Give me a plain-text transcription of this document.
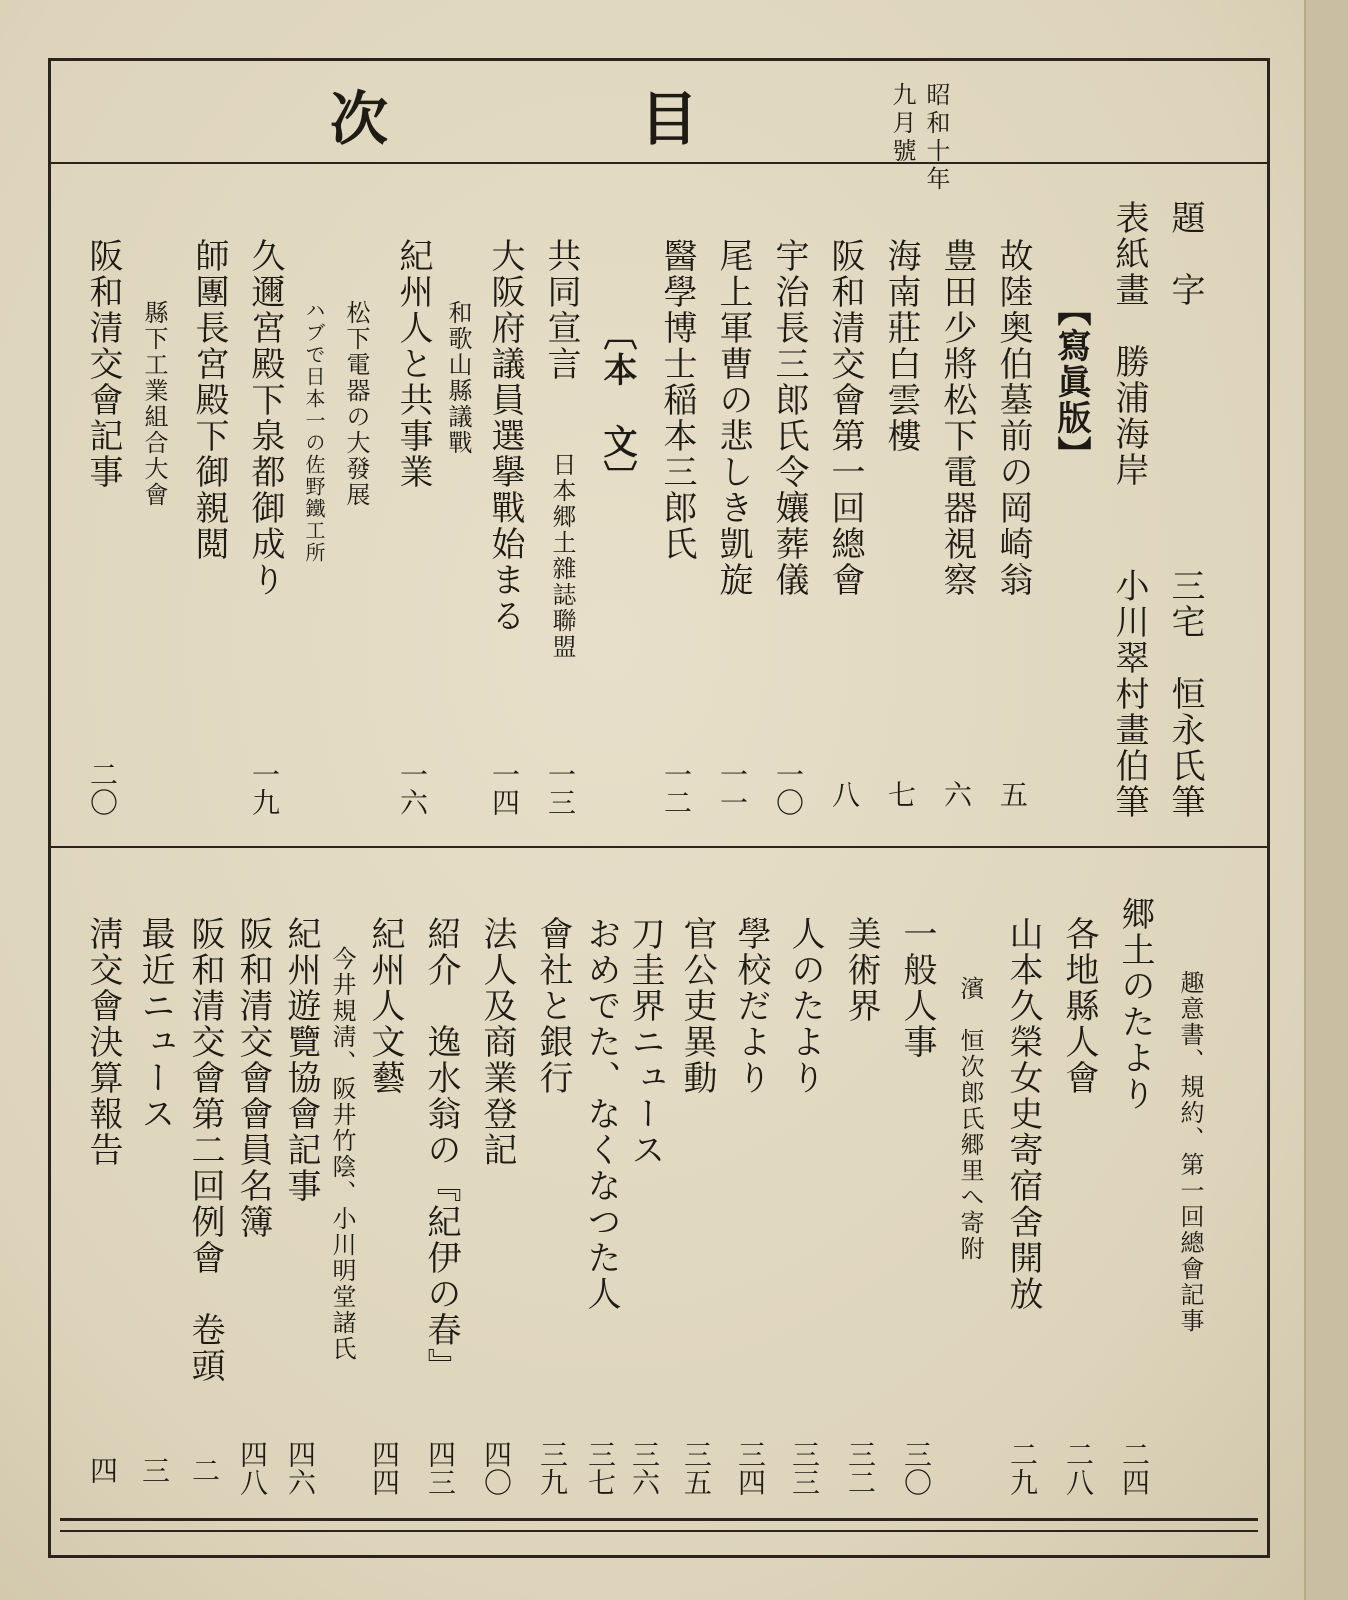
次	目	昭和十年
九月號
題　字
三宅　恒永氏筆
表紙畫　勝浦海岸
小川翠村畫伯筆
【寫眞版】
故陸奥伯墓前の岡崎翁
五
豊田少將松下電器視察
六
海南莊白雲樓
七
阪和清交會第一回總會
八
宇治長三郎氏令孃葬儀
一〇
尾上軍曹の悲しき凱旋
一一
醫學博士稲本三郎氏
一二
〔本　文〕
共同宣言
日本郷土雜誌聯盟
一三
大阪府議員選擧戰始まる
一四
和歌山縣議戰
紀州人と共事業
一六
松下電器の大發展
ハブで日本一の佐野鐵工所
久邇宮殿下泉都御成り
一九
師團長宮殿下御親閲
縣下工業組合大會
阪和清交會記事
二〇
郷土のたより
二四
趣意書、規約、第一回總會記事
各地縣人會
二八
山本久榮女史寄宿舍開放
二九
濱　恒次郎氏郷里へ寄附
一般人事
三〇
美術界
三二
人のたより
三三
學校だより
三四
官公吏異動
三五
刀圭界ニュース
三六
おめでた、なくなつた人
三七
會社と銀行
三九
法人及商業登記
四〇
紹介　逸水翁の『紀伊の春』
四三
紀州人文藝
四四
今井規淸、阪井竹陰、小川明堂諸氏
紀州遊覽協會記事
四六
阪和清交會會員名簿
四八
阪和清交會第二回例會　卷頭
二
最近ニュース
三
淸交會決算報告
四
